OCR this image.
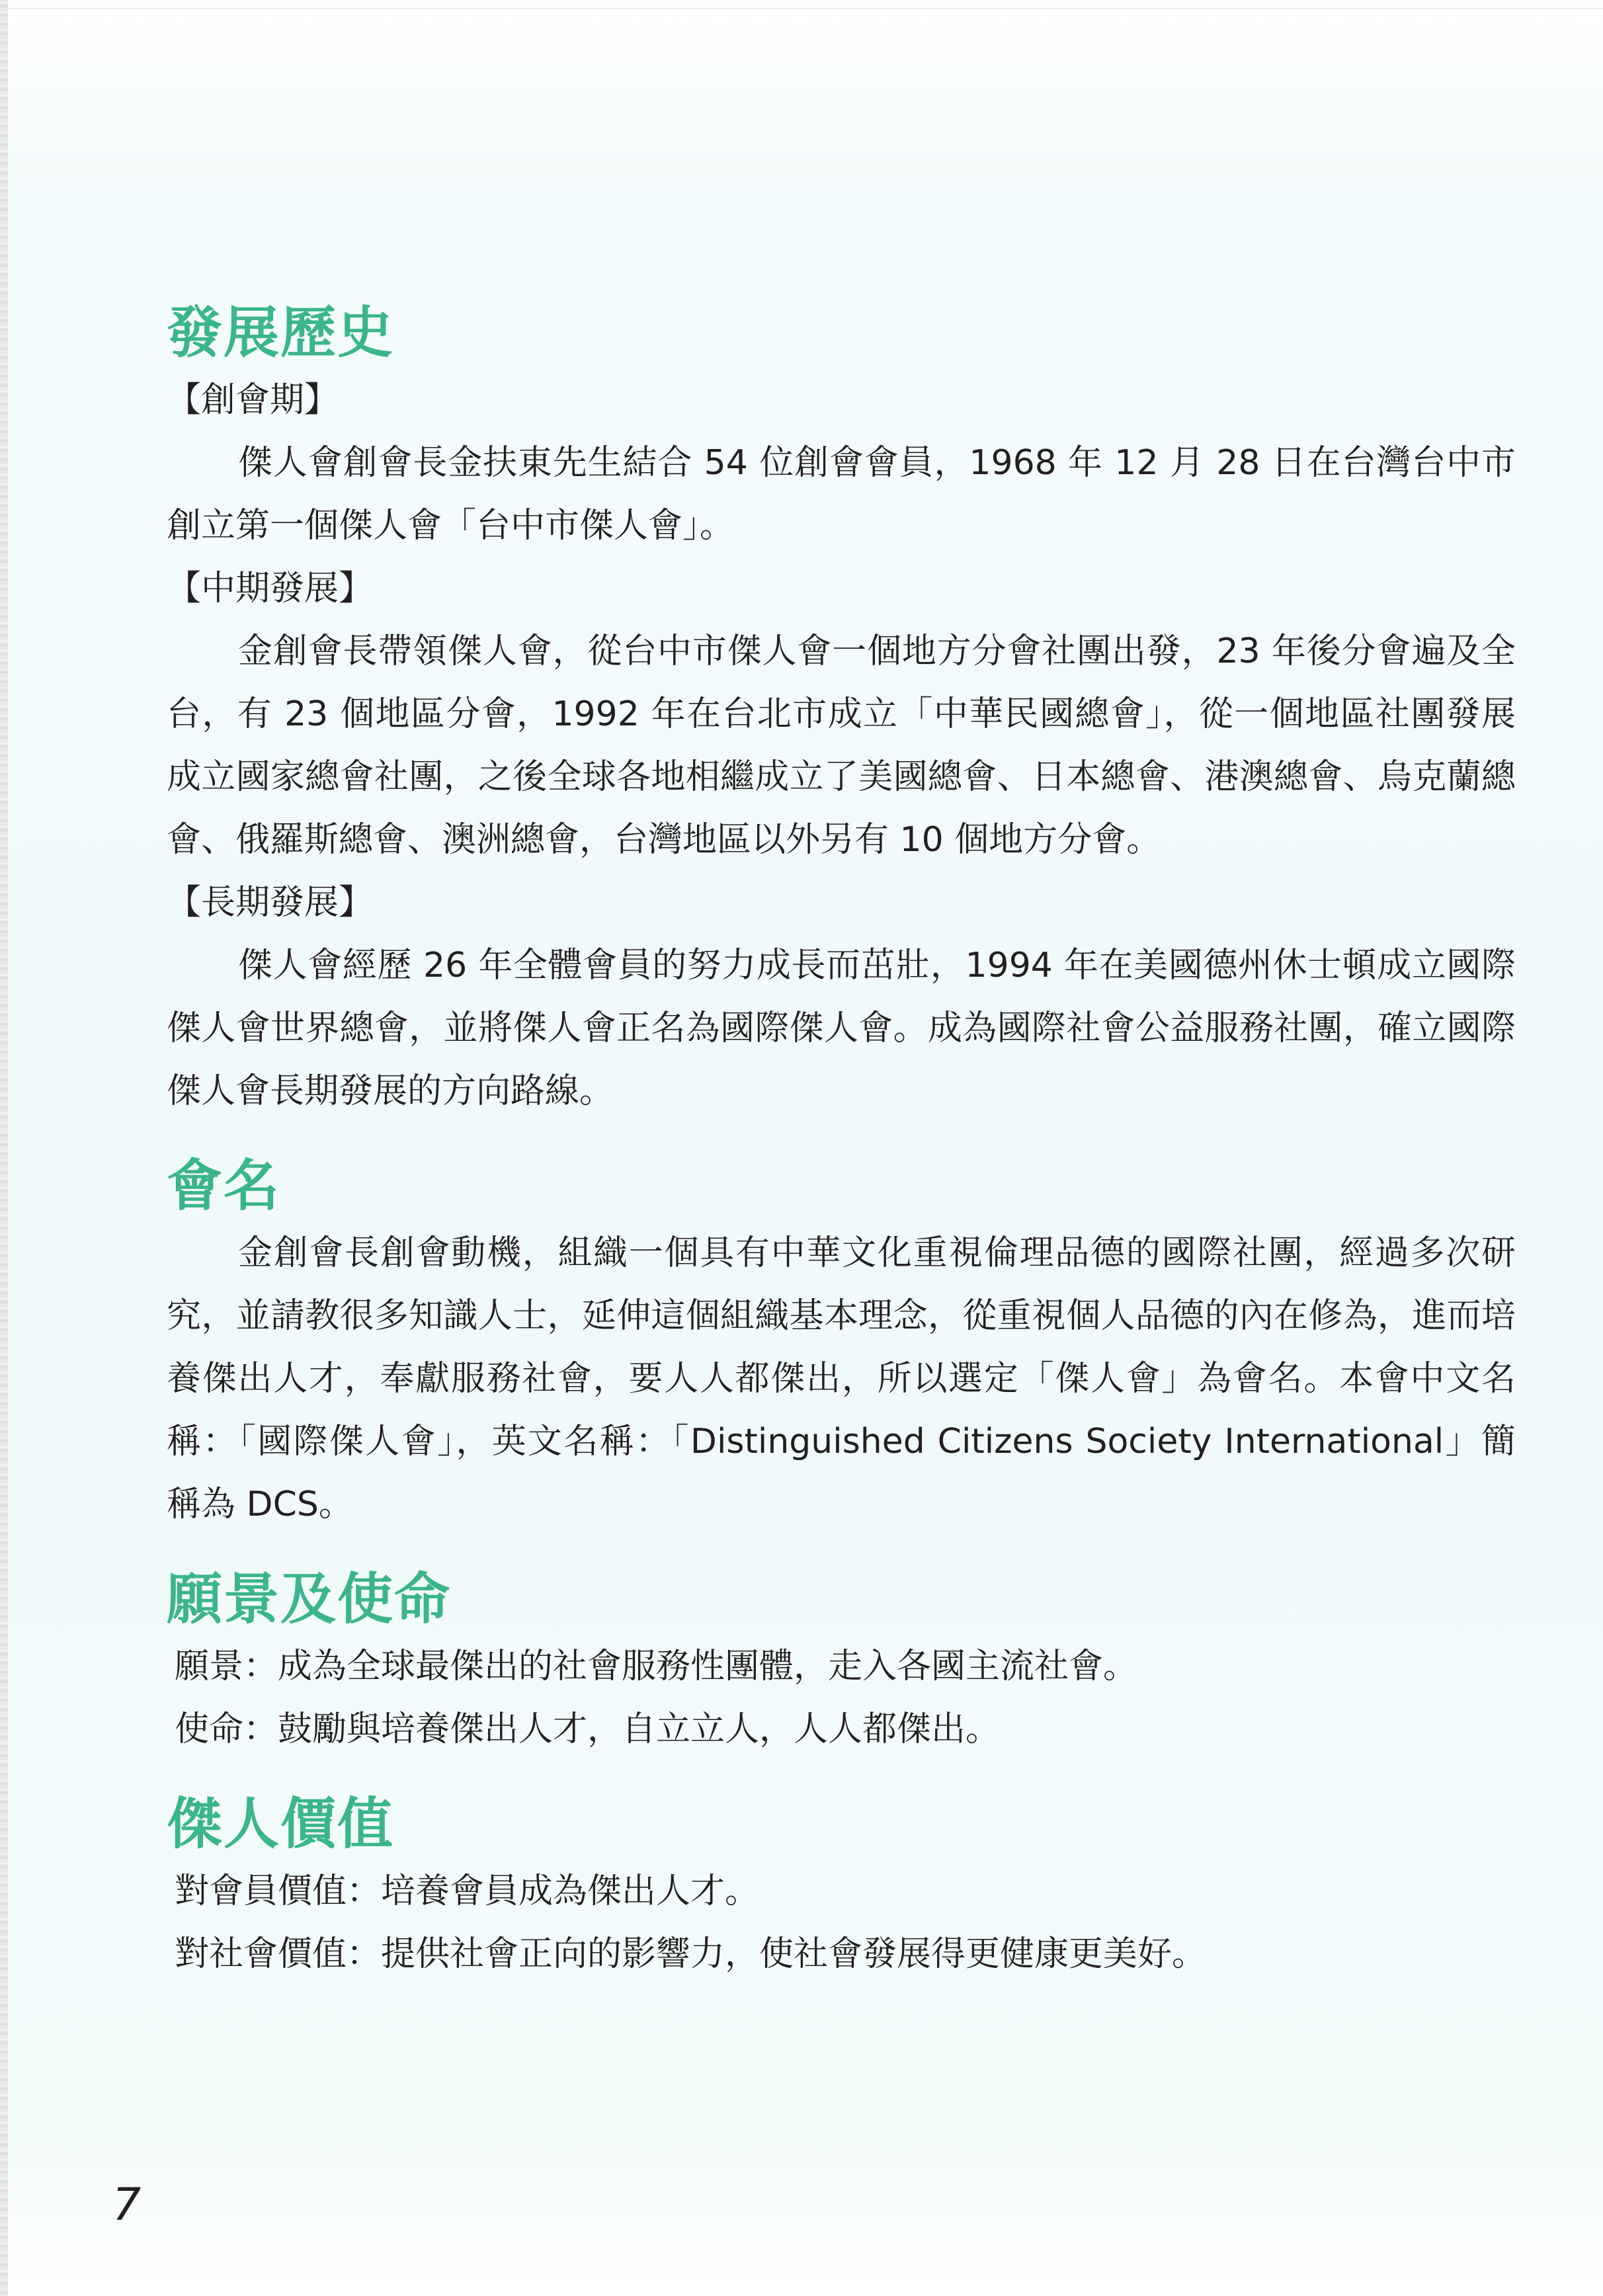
發展歷史

【創會期】

傑人會創會長金扶東先生結合 54 位創會會員，1968 年 12 月 28 日在台灣台中市創立第一個傑人會「台中市傑人會」。

【中期發展】

金創會長帶領傑人會，從台中市傑人會一個地方分會社團出發，23 年後分會遍及全台，有 23 個地區分會，1992 年在台北市成立「中華民國總會」，從一個地區社團發展成立國家總會社團，之後全球各地相繼成立了美國總會、日本總會、港澳總會、烏克蘭總會、俄羅斯總會、澳洲總會，台灣地區以外另有 10 個地方分會。

【長期發展】

傑人會經歷 26 年全體會員的努力成長而茁壯，1994 年在美國德州休士頓成立國際傑人會世界總會，並將傑人會正名為國際傑人會。成為國際社會公益服務社團，確立國際傑人會長期發展的方向路線。

會名

金創會長創會動機，組織一個具有中華文化重視倫理品德的國際社團，經過多次研究，並請教很多知識人士，延伸這個組織基本理念，從重視個人品德的內在修為，進而培養傑出人才，奉獻服務社會，要人人都傑出，所以選定「傑人會」為會名。本會中文名稱：「國際傑人會」，英文名稱：「Distinguished Citizens Society International」簡稱為 DCS。

願景及使命

願景：成為全球最傑出的社會服務性團體，走入各國主流社會。

使命：鼓勵與培養傑出人才，自立立人，人人都傑出。

傑人價值

對會員價值：培養會員成為傑出人才。

對社會價值：提供社會正向的影響力，使社會發展得更健康更美好。

7
